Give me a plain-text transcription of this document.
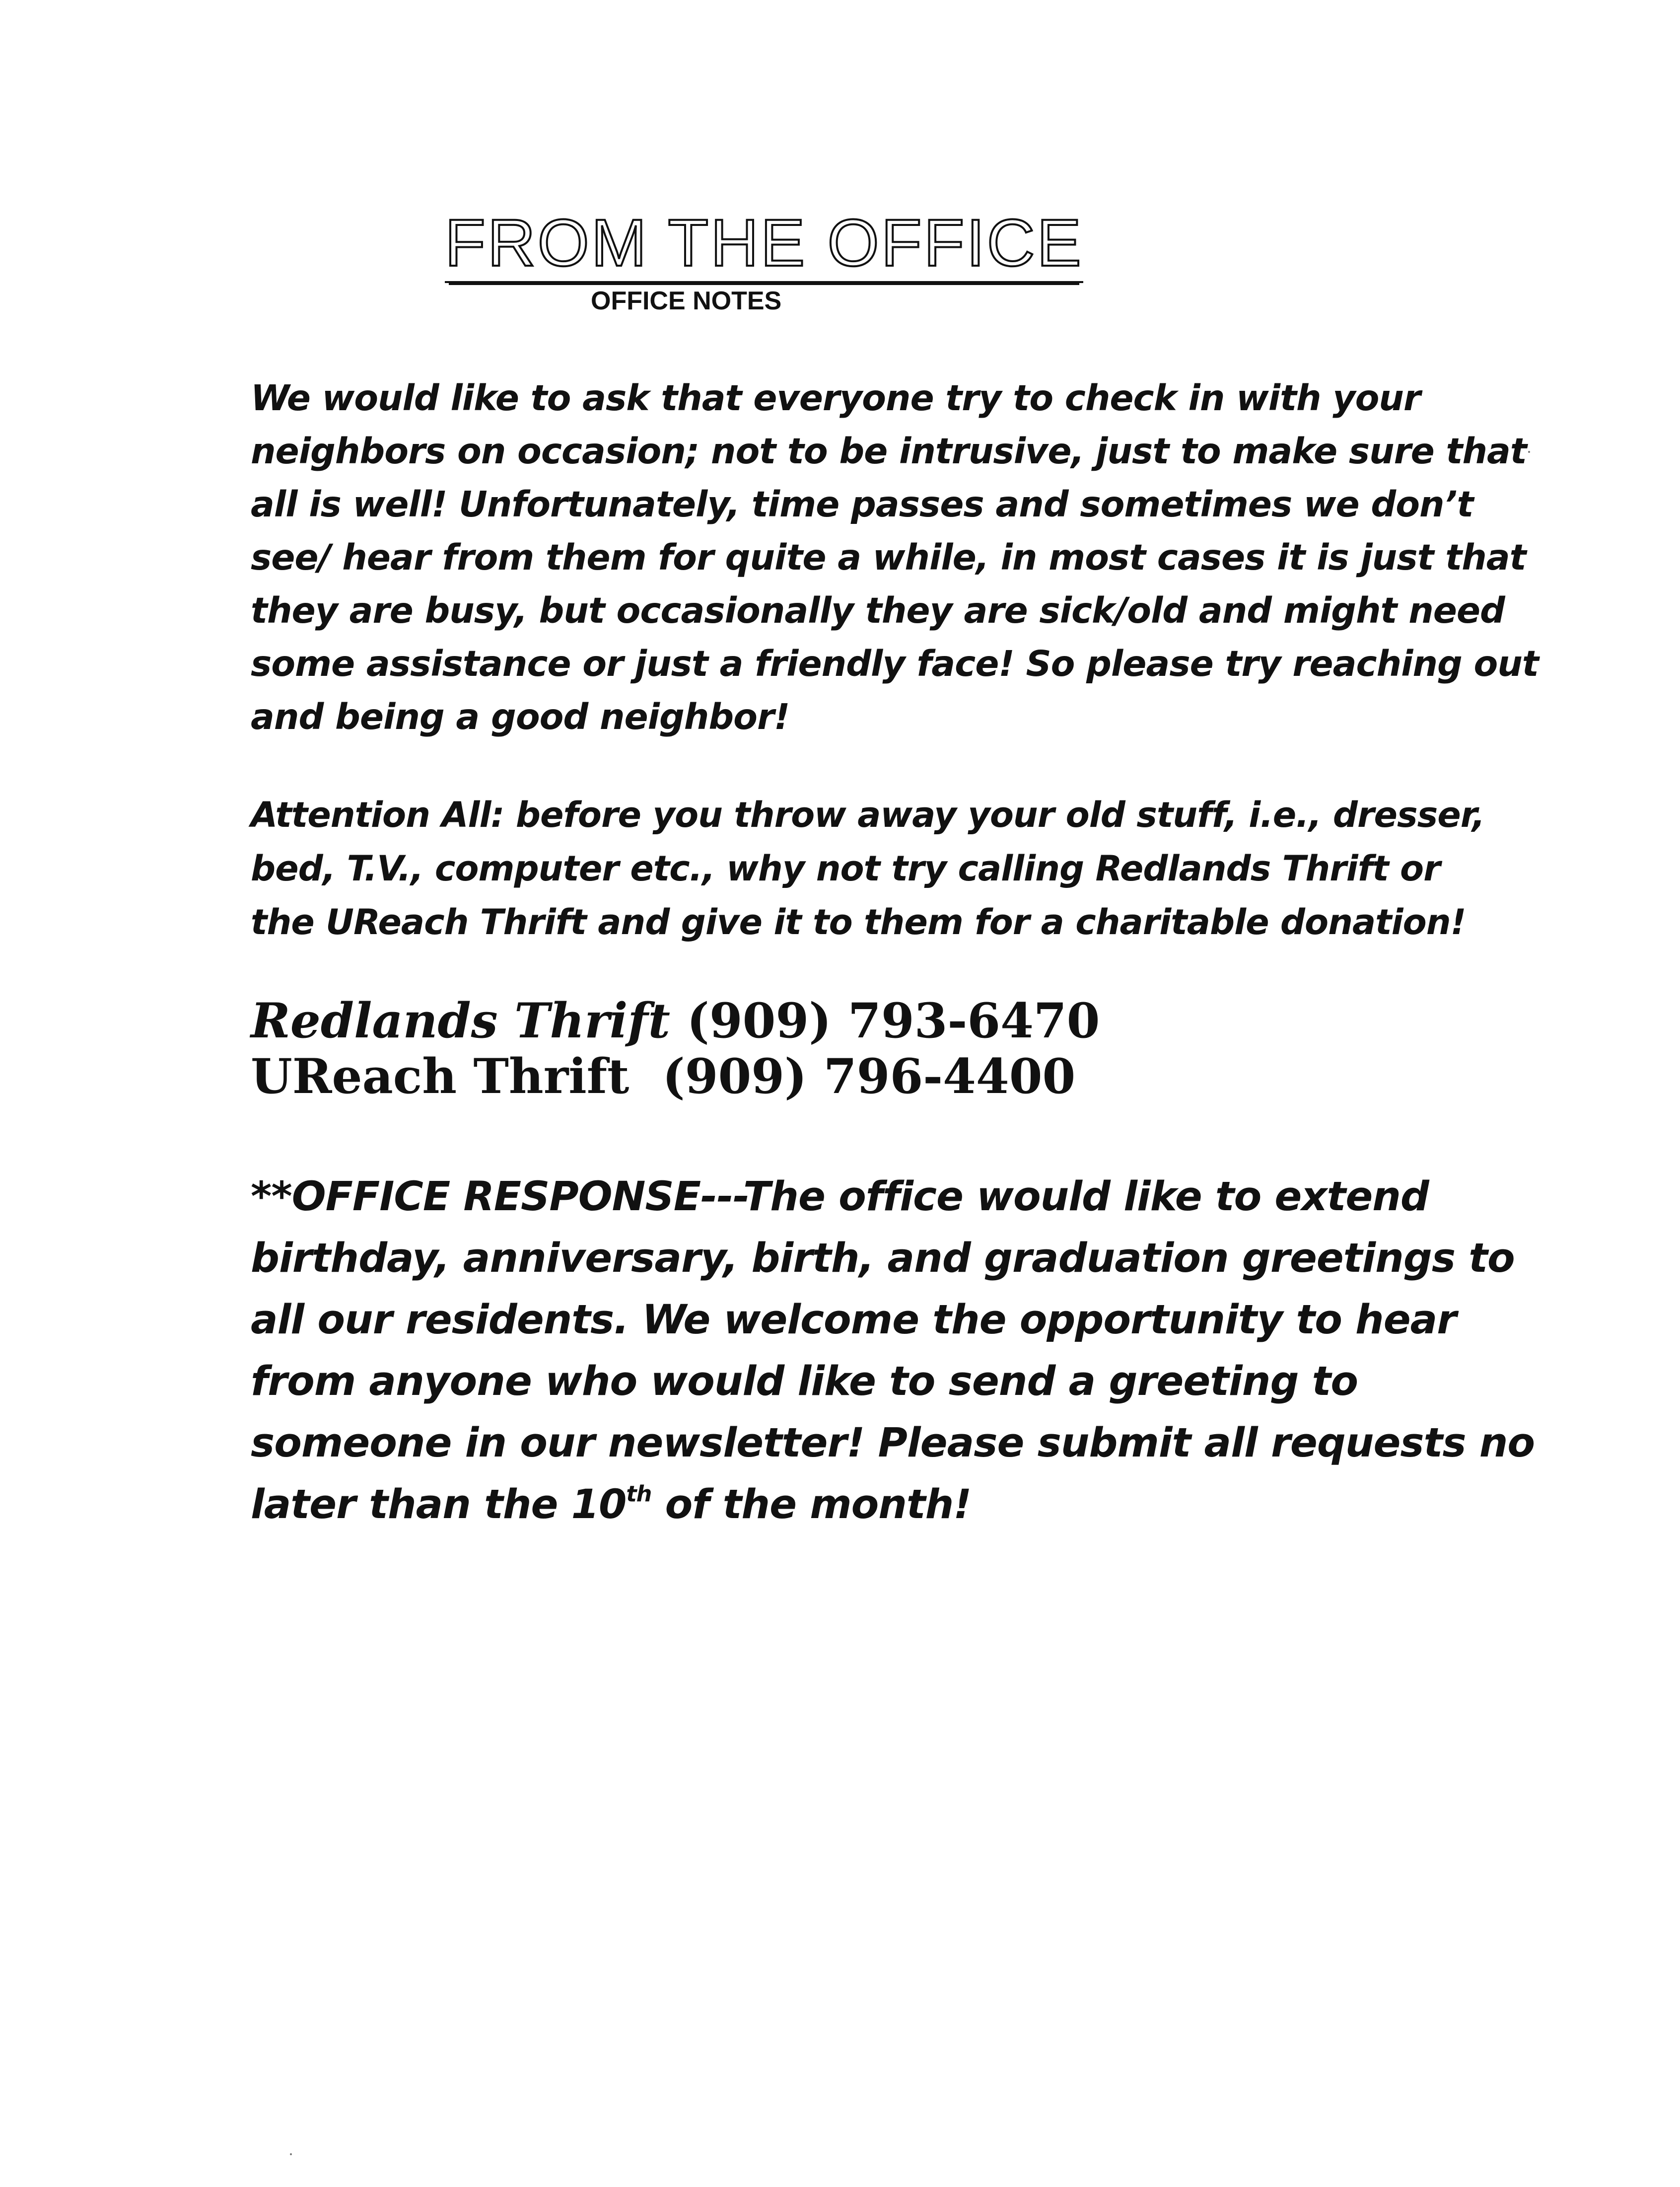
FROM THE OFFICE
OFFICE NOTES

We would like to ask that everyone try to check in with your
neighbors on occasion; not to be intrusive, just to make sure that
all is well! Unfortunately, time passes and sometimes we don’t
see/ hear from them for quite a while, in most cases it is just that
they are busy, but occasionally they are sick/old and might need
some assistance or just a friendly face! So please try reaching out
and being a good neighbor!

Attention All: before you throw away your old stuff, i.e., dresser,
bed, T.V., computer etc., why not try calling Redlands Thrift or
the UReach Thrift and give it to them for a charitable donation!

Redlands Thrift (909) 793-6470
UReach Thrift (909) 796-4400

**OFFICE RESPONSE---The office would like to extend
birthday, anniversary, birth, and graduation greetings to
all our residents. We welcome the opportunity to hear
from anyone who would like to send a greeting to
someone in our newsletter! Please submit all requests no
later than the 10th of the month!
